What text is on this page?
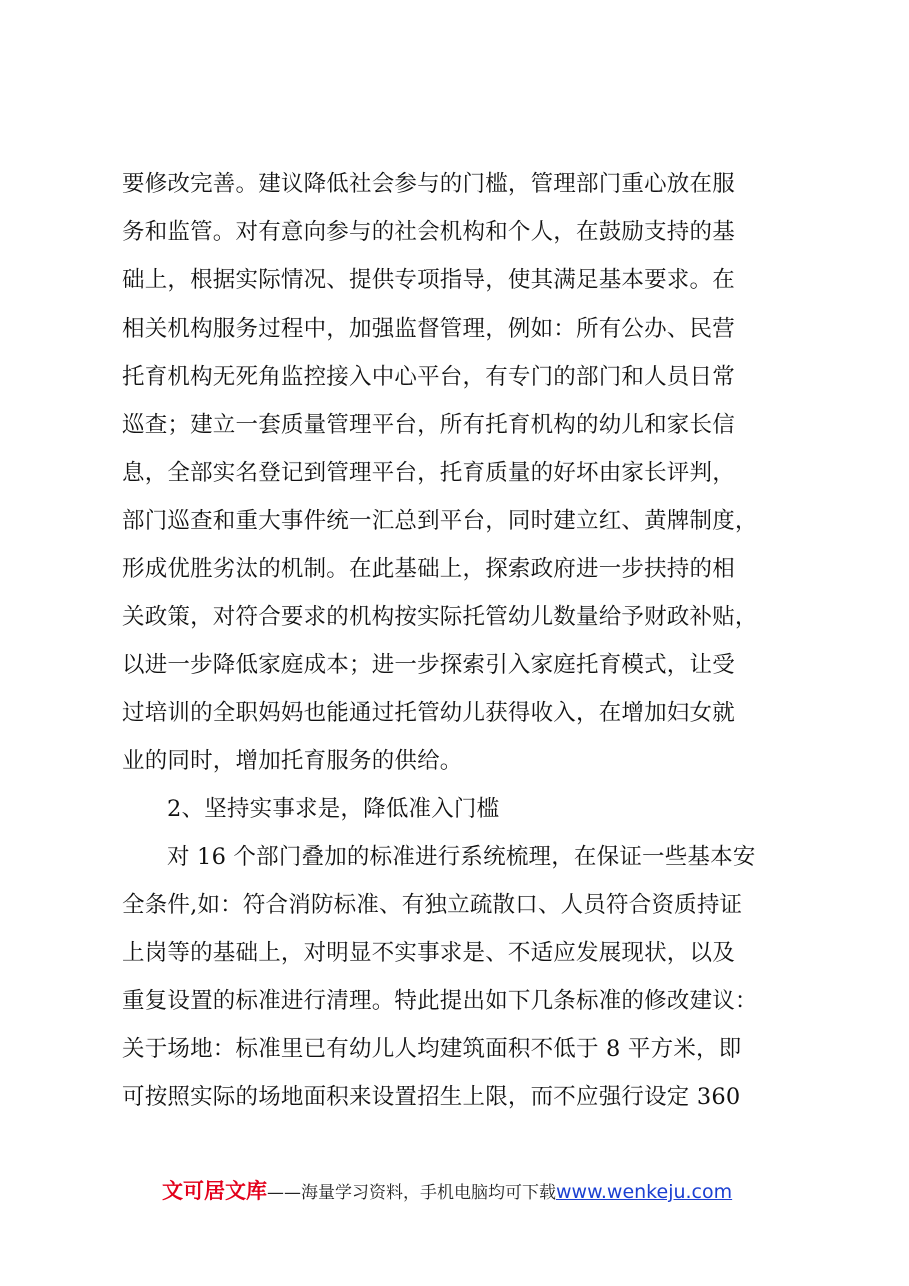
要修改完善。建议降低社会参与的门槛，管理部门重心放在服
务和监管。对有意向参与的社会机构和个人，在鼓励支持的基
础上，根据实际情况、提供专项指导，使其满足基本要求。在
相关机构服务过程中，加强监督管理，例如：所有公办、民营
托育机构无死角监控接入中心平台，有专门的部门和人员日常
巡查；建立一套质量管理平台，所有托育机构的幼儿和家长信
息，全部实名登记到管理平台，托育质量的好坏由家长评判，
部门巡查和重大事件统一汇总到平台，同时建立红、黄牌制度，
形成优胜劣汰的机制。在此基础上，探索政府进一步扶持的相
关政策，对符合要求的机构按实际托管幼儿数量给予财政补贴，
以进一步降低家庭成本；进一步探索引入家庭托育模式，让受
过培训的全职妈妈也能通过托管幼儿获得收入，在增加妇女就
业的同时，增加托育服务的供给。
2、坚持实事求是，降低准入门槛
对 16 个部门叠加的标准进行系统梳理，在保证一些基本安
全条件,如：符合消防标准、有独立疏散口、人员符合资质持证
上岗等的基础上，对明显不实事求是、不适应发展现状，以及
重复设置的标准进行清理。特此提出如下几条标准的修改建议：
关于场地：标准里已有幼儿人均建筑面积不低于 8 平方米，即
可按照实际的场地面积来设置招生上限，而不应强行设定 360
文可居文库——海量学习资料，手机电脑均可下载www.wenkeju.com
